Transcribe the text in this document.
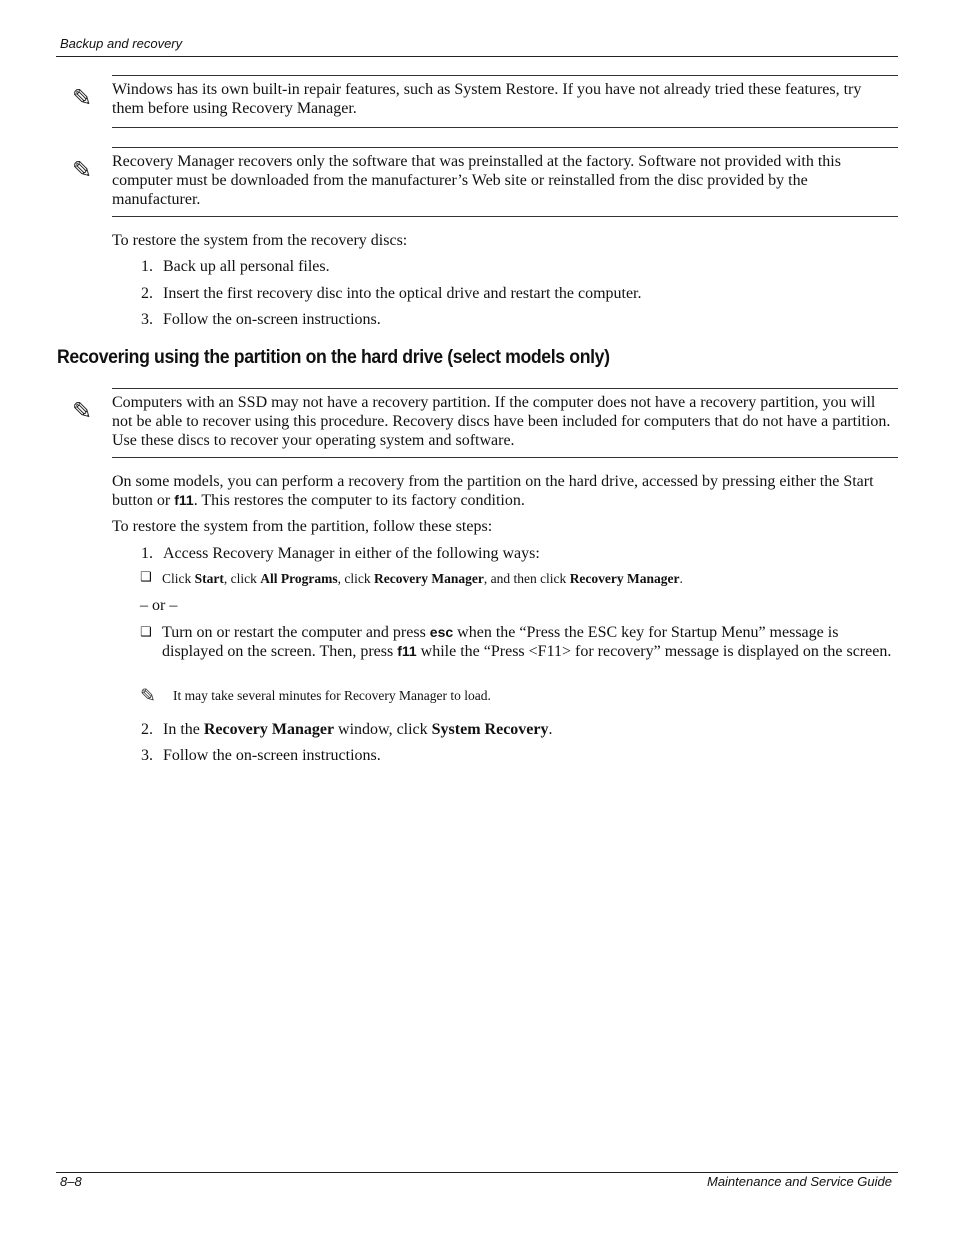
Backup and recovery
✎ Windows has its own built-in repair features, such as System Restore. If you have not already tried these features, try them before using Recovery Manager.
✎ Recovery Manager recovers only the software that was preinstalled at the factory. Software not provided with this computer must be downloaded from the manufacturer’s Web site or reinstalled from the disc provided by the manufacturer.
To restore the system from the recovery discs:
1. Back up all personal files.
2. Insert the first recovery disc into the optical drive and restart the computer.
3. Follow the on-screen instructions.
Recovering using the partition on the hard drive (select models only)
✎ Computers with an SSD may not have a recovery partition. If the computer does not have a recovery partition, you will not be able to recover using this procedure. Recovery discs have been included for computers that do not have a partition. Use these discs to recover your operating system and software.
On some models, you can perform a recovery from the partition on the hard drive, accessed by pressing either the Start button or f11. This restores the computer to its factory condition.
To restore the system from the partition, follow these steps:
1. Access Recovery Manager in either of the following ways:
❑ Click Start, click All Programs, click Recovery Manager, and then click Recovery Manager.
– or –
❑ Turn on or restart the computer and press esc when the “Press the ESC key for Startup Menu” message is displayed on the screen. Then, press f11 while the “Press <F11> for recovery” message is displayed on the screen.
✎ It may take several minutes for Recovery Manager to load.
2. In the Recovery Manager window, click System Recovery.
3. Follow the on-screen instructions.
8–8	Maintenance and Service Guide
